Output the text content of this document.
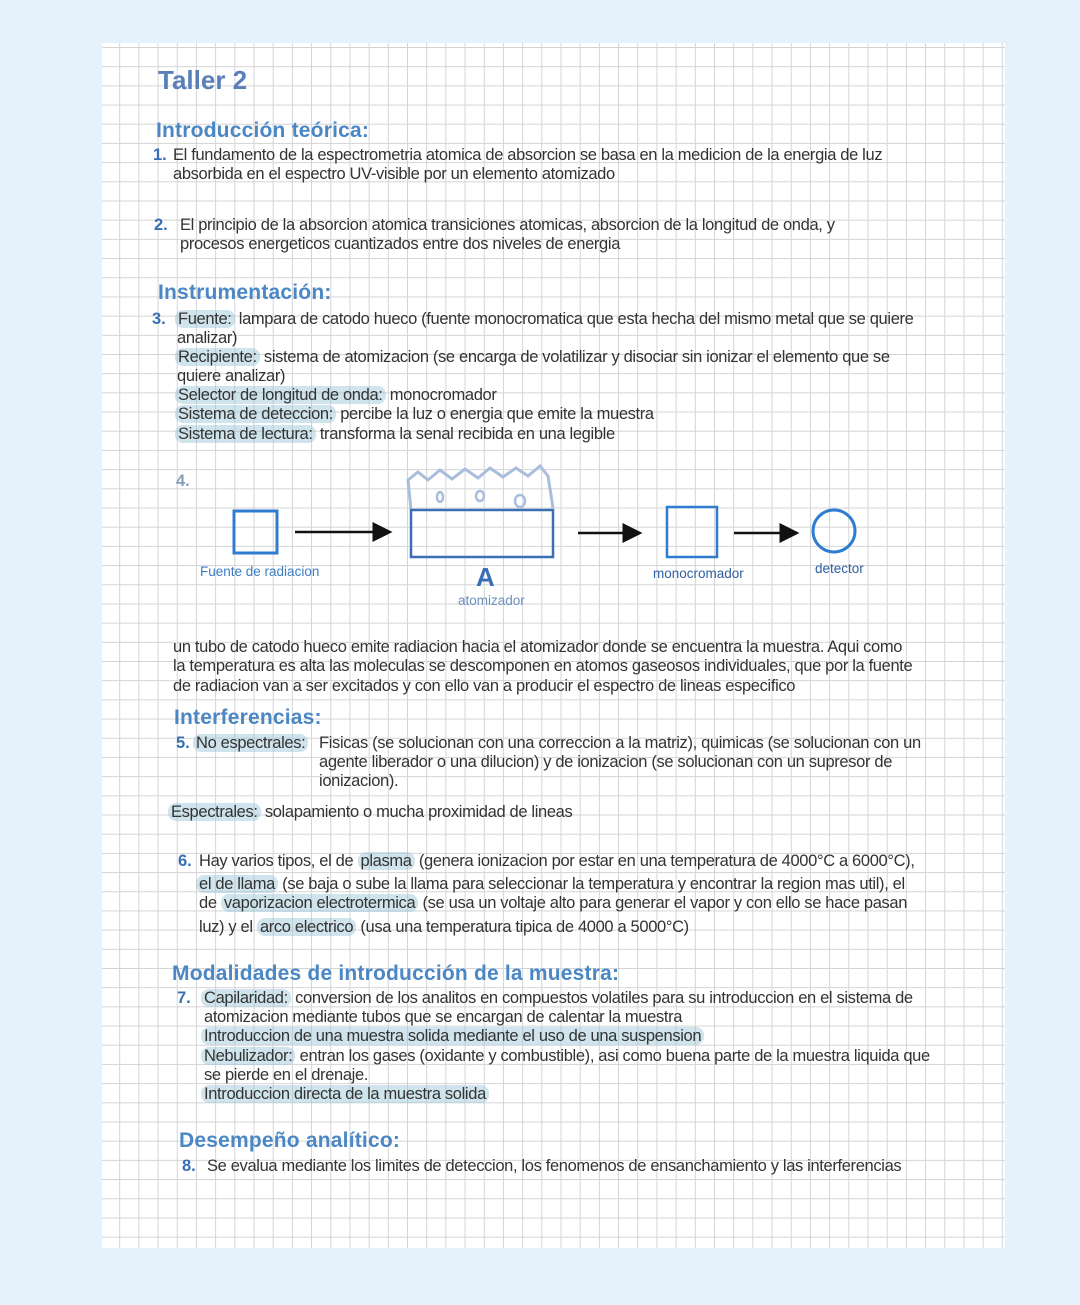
Taller 2
Introducción teórica:
1. El fundamento de la espectrometria atomica de absorcion se basa en la medicion de la energia de luz
absorbida en el espectro UV-visible por un elemento atomizado
2. El principio de la absorcion atomica transiciones atomicas, absorcion de la longitud de onda, y
procesos energeticos cuantizados entre dos niveles de energia
Instrumentación:
3. Fuente: lampara de catodo hueco (fuente monocromatica que esta hecha del mismo metal que se quiere
analizar)
Recipiente: sistema de atomizacion (se encarga de volatilizar y disociar sin ionizar el elemento que se
quiere analizar)
Selector de longitud de onda: monocromador
Sistema de deteccion: percibe la luz o energia que emite la muestra
Sistema de lectura: transforma la senal recibida en una legible
4.
Fuente de radiacion	A
atomizador
monocromador	detector
un tubo de catodo hueco emite radiacion hacia el atomizador donde se encuentra la muestra. Aqui como
la temperatura es alta las moleculas se descomponen en atomos gaseosos individuales, que por la fuente
de radiacion van a ser excitados y con ello van a producir el espectro de lineas especifico
Interferencias:
5. No espectrales: Fisicas (se solucionan con una correccion a la matriz), quimicas (se solucionan con un
agente liberador o una dilucion) y de ionizacion (se solucionan con un supresor de
ionizacion).
Espectrales: solapamiento o mucha proximidad de lineas
6. Hay varios tipos, el de plasma (genera ionizacion por estar en una temperatura de 4000°C a 6000°C),
el de llama (se baja o sube la llama para seleccionar la temperatura y encontrar la region mas util), el
de vaporizacion electrotermica (se usa un voltaje alto para generar el vapor y con ello se hace pasan
luz) y el arco electrico (usa una temperatura tipica de 4000 a 5000°C)
Modalidades de introducción de la muestra:
7. Capilaridad: conversion de los analitos en compuestos volatiles para su introduccion en el sistema de
atomizacion mediante tubos que se encargan de calentar la muestra
Introduccion de una muestra solida mediante el uso de una suspension
Nebulizador: entran los gases (oxidante y combustible), asi como buena parte de la muestra liquida que
se pierde en el drenaje.
Introduccion directa de la muestra solida
Desempeño analítico:
8. Se evalua mediante los limites de deteccion, los fenomenos de ensanchamiento y las interferencias
